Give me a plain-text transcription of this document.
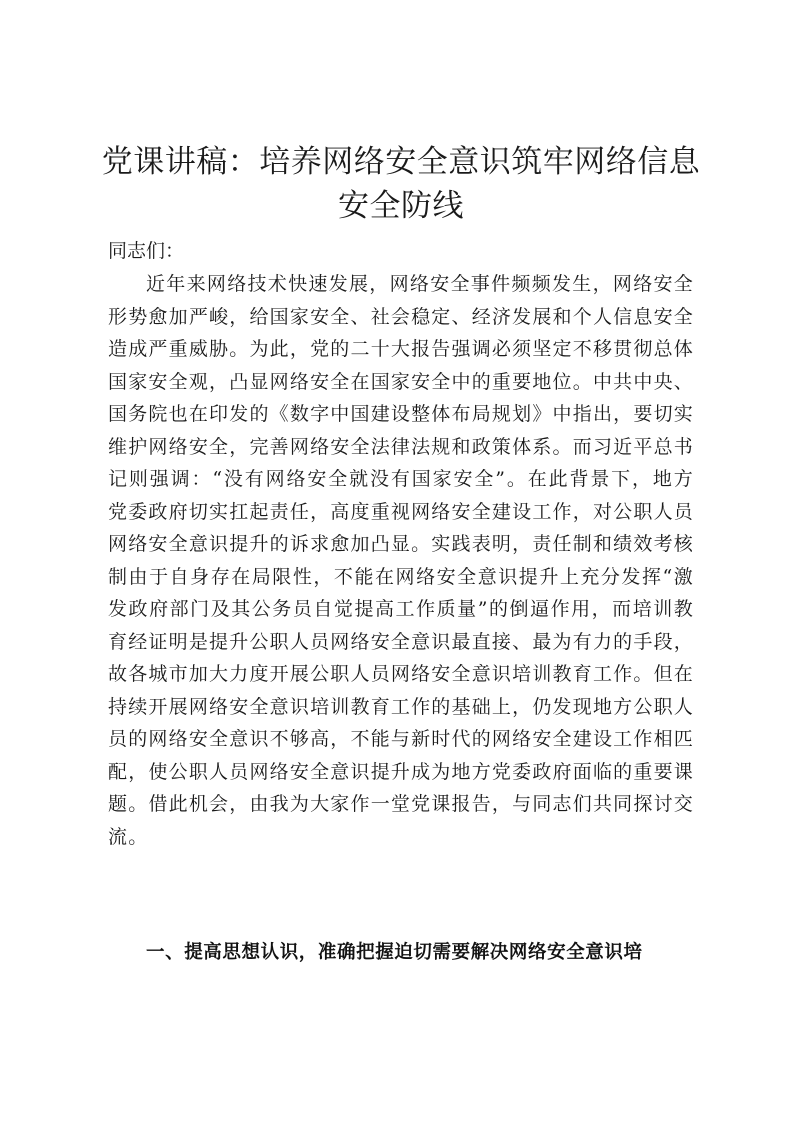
党课讲稿：培养网络安全意识筑牢网络信息安全防线
同志们：

近年来网络技术快速发展，网络安全事件频频发生，网络安全形势愈加严峻，给国家安全、社会稳定、经济发展和个人信息安全造成严重威胁。为此，党的二十大报告强调必须坚定不移贯彻总体国家安全观，凸显网络安全在国家安全中的重要地位。中共中央、国务院也在印发的《数字中国建设整体布局规划》中指出，要切实维护网络安全，完善网络安全法律法规和政策体系。而习近平总书记则强调：“没有网络安全就没有国家安全”。在此背景下，地方党委政府切实扛起责任，高度重视网络安全建设工作，对公职人员网络安全意识提升的诉求愈加凸显。实践表明，责任制和绩效考核制由于自身存在局限性，不能在网络安全意识提升上充分发挥“激发政府部门及其公务员自觉提高工作质量”的倒逼作用，而培训教育经证明是提升公职人员网络安全意识最直接、最为有力的手段，故各城市加大力度开展公职人员网络安全意识培训教育工作。但在持续开展网络安全意识培训教育工作的基础上，仍发现地方公职人员的网络安全意识不够高，不能与新时代的网络安全建设工作相匹配，使公职人员网络安全意识提升成为地方党委政府面临的重要课题。借此机会，由我为大家作一堂党课报告，与同志们共同探讨交流。

一、提高思想认识，准确把握迫切需要解决网络安全意识培
